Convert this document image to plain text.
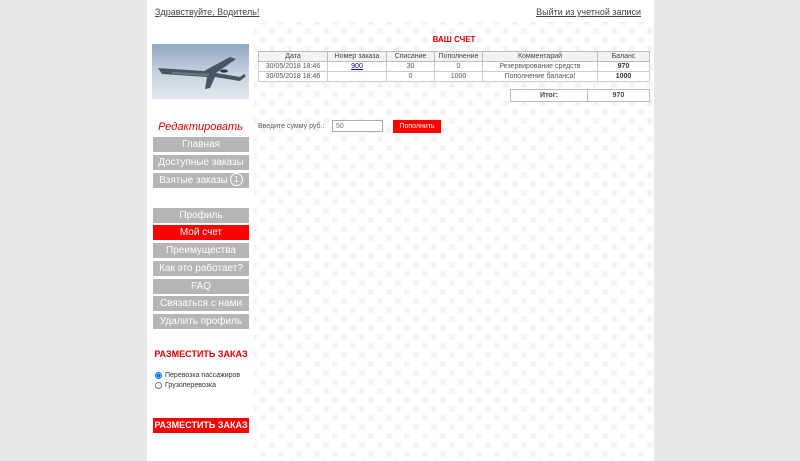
Здравствуйте, Водитель!	Выйти из учетной записи
Редактировать
Главная
Доступные заказы
Взятые заказы 1
Профиль
Мой счет
Преимущества
Как это работает?
FAQ
Связаться с нами
Удалить профиль
РАЗМЕСТИТЬ ЗАКАЗ
Перевозка пассажиров
Грузоперевозка
РАЗМЕСТИТЬ ЗАКАЗ
ВАШ СЧЕТ
Дата	Номер заказа	Списание	Пополнение	Комментарий	Баланс
30/05/2018 18:46	900	30	0	Резервирование средств	970
30/05/2018 18:46		0	1000	Пополнение баланса!	1000
Итог:	970
Введите сумму руб.:
50	Пополнить
